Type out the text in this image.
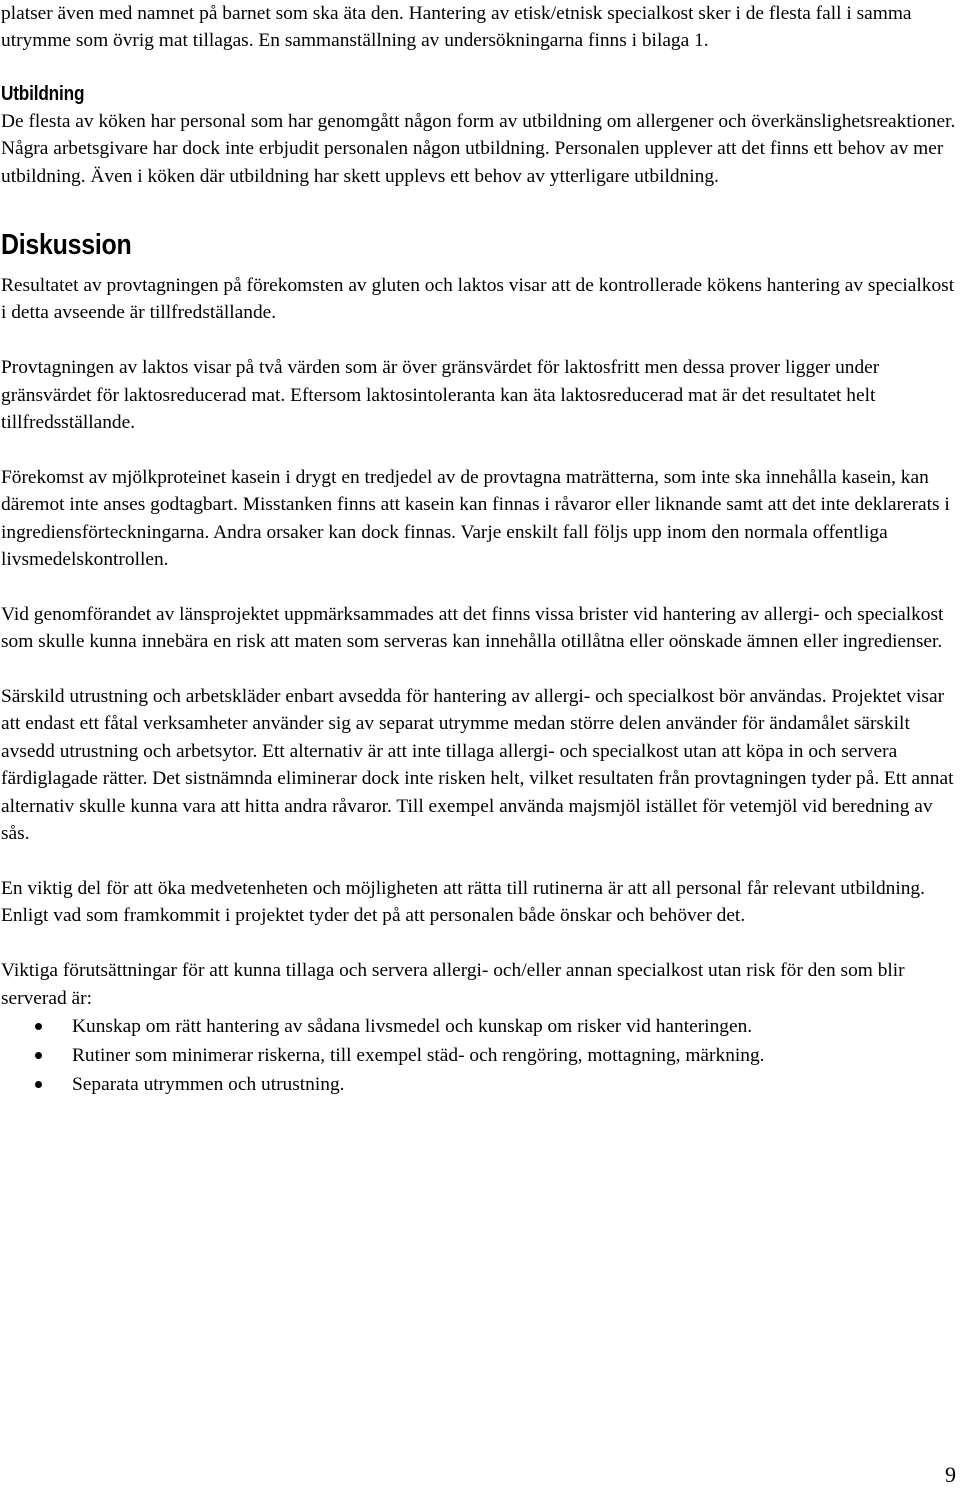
platser även med namnet på barnet som ska äta den. Hantering av etisk/etnisk specialkost sker i de flesta fall i samma utrymme som övrig mat tillagas. En sammanställning av undersökningarna finns i bilaga 1.

Utbildning

De flesta av köken har personal som har genomgått någon form av utbildning om allergener och överkänslighetsreaktioner. Några arbetsgivare har dock inte erbjudit personalen någon utbildning. Personalen upplever att det finns ett behov av mer utbildning. Även i köken där utbildning har skett upplevs ett behov av ytterligare utbildning.

Diskussion

Resultatet av provtagningen på förekomsten av gluten och laktos visar att de kontrollerade kökens hantering av specialkost i detta avseende är tillfredställande.

Provtagningen av laktos visar på två värden som är över gränsvärdet för laktosfritt men dessa prover ligger under gränsvärdet för laktosreducerad mat. Eftersom laktosintoleranta kan äta laktosreducerad mat är det resultatet helt tillfredsställande.

Förekomst av mjölkproteinet kasein i drygt en tredjedel av de provtagna maträtterna, som inte ska innehålla kasein, kan däremot inte anses godtagbart. Misstanken finns att kasein kan finnas i råvaror eller liknande samt att det inte deklarerats i ingrediensförteckningarna. Andra orsaker kan dock finnas. Varje enskilt fall följs upp inom den normala offentliga livsmedelskontrollen.

Vid genomförandet av länsprojektet uppmärksammades att det finns vissa brister vid hantering av allergi- och specialkost som skulle kunna innebära en risk att maten som serveras kan innehålla otillåtna eller oönskade ämnen eller ingredienser.

Särskild utrustning och arbetskläder enbart avsedda för hantering av allergi- och specialkost bör användas. Projektet visar att endast ett fåtal verksamheter använder sig av separat utrymme medan större delen använder för ändamålet särskilt avsedd utrustning och arbetsytor. Ett alternativ är att inte tillaga allergi- och specialkost utan att köpa in och servera färdiglagade rätter. Det sistnämnda eliminerar dock inte risken helt, vilket resultaten från provtagningen tyder på. Ett annat alternativ skulle kunna vara att hitta andra råvaror. Till exempel använda majsmjöl istället för vetemjöl vid beredning av sås.

En viktig del för att öka medvetenheten och möjligheten att rätta till rutinerna är att all personal får relevant utbildning. Enligt vad som framkommit i projektet tyder det på att personalen både önskar och behöver det.

Viktiga förutsättningar för att kunna tillaga och servera allergi- och/eller annan specialkost utan risk för den som blir serverad är:

Kunskap om rätt hantering av sådana livsmedel och kunskap om risker vid hanteringen.
Rutiner som minimerar riskerna, till exempel städ- och rengöring, mottagning, märkning.
Separata utrymmen och utrustning.
9
